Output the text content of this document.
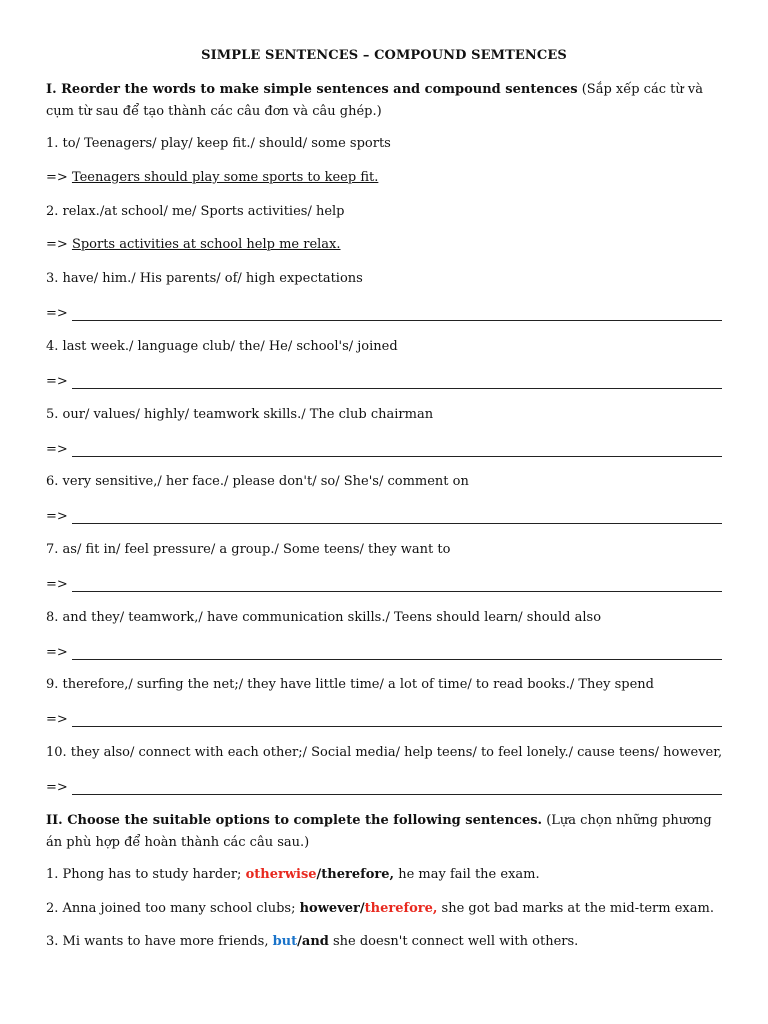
SIMPLE SENTENCES – COMPOUND SEMTENCES
I. Reorder the words to make simple sentences and compound sentences (Sắp xếp các từ và cụm từ sau để tạo thành các câu đơn và câu ghép.)
1. to/ Teenagers/ play/ keep fit./ should/ some sports
=> Teenagers should play some sports to keep fit.
2. relax./at school/ me/ Sports activities/ help
=> Sports activities at school help me relax.
3. have/ him./ His parents/ of/ high expectations
=>
4. last week./ language club/ the/ He/ school's/ joined
=>
5. our/ values/ highly/ teamwork skills./ The club chairman
=>
6. very sensitive,/ her face./ please don't/ so/ She's/ comment on
=>
7. as/ fit in/ feel pressure/ a group./ Some teens/ they want to
=>
8. and they/ teamwork,/ have communication skills./ Teens should learn/ should also
=>
9. therefore,/ surfing the net;/ they have little time/ a lot of time/ to read books./ They spend
=>
10. they also/ connect with each other;/ Social media/ help teens/ to feel lonely./ cause teens/ however,
=>
II. Choose the suitable options to complete the following sentences. (Lựa chọn những phương án phù hợp để hoàn thành các câu sau.)
1. Phong has to study harder; otherwise/therefore, he may fail the exam.
2. Anna joined too many school clubs; however/therefore, she got bad marks at the mid-term exam.
3. Mi wants to have more friends, but/and she doesn't connect well with others.
